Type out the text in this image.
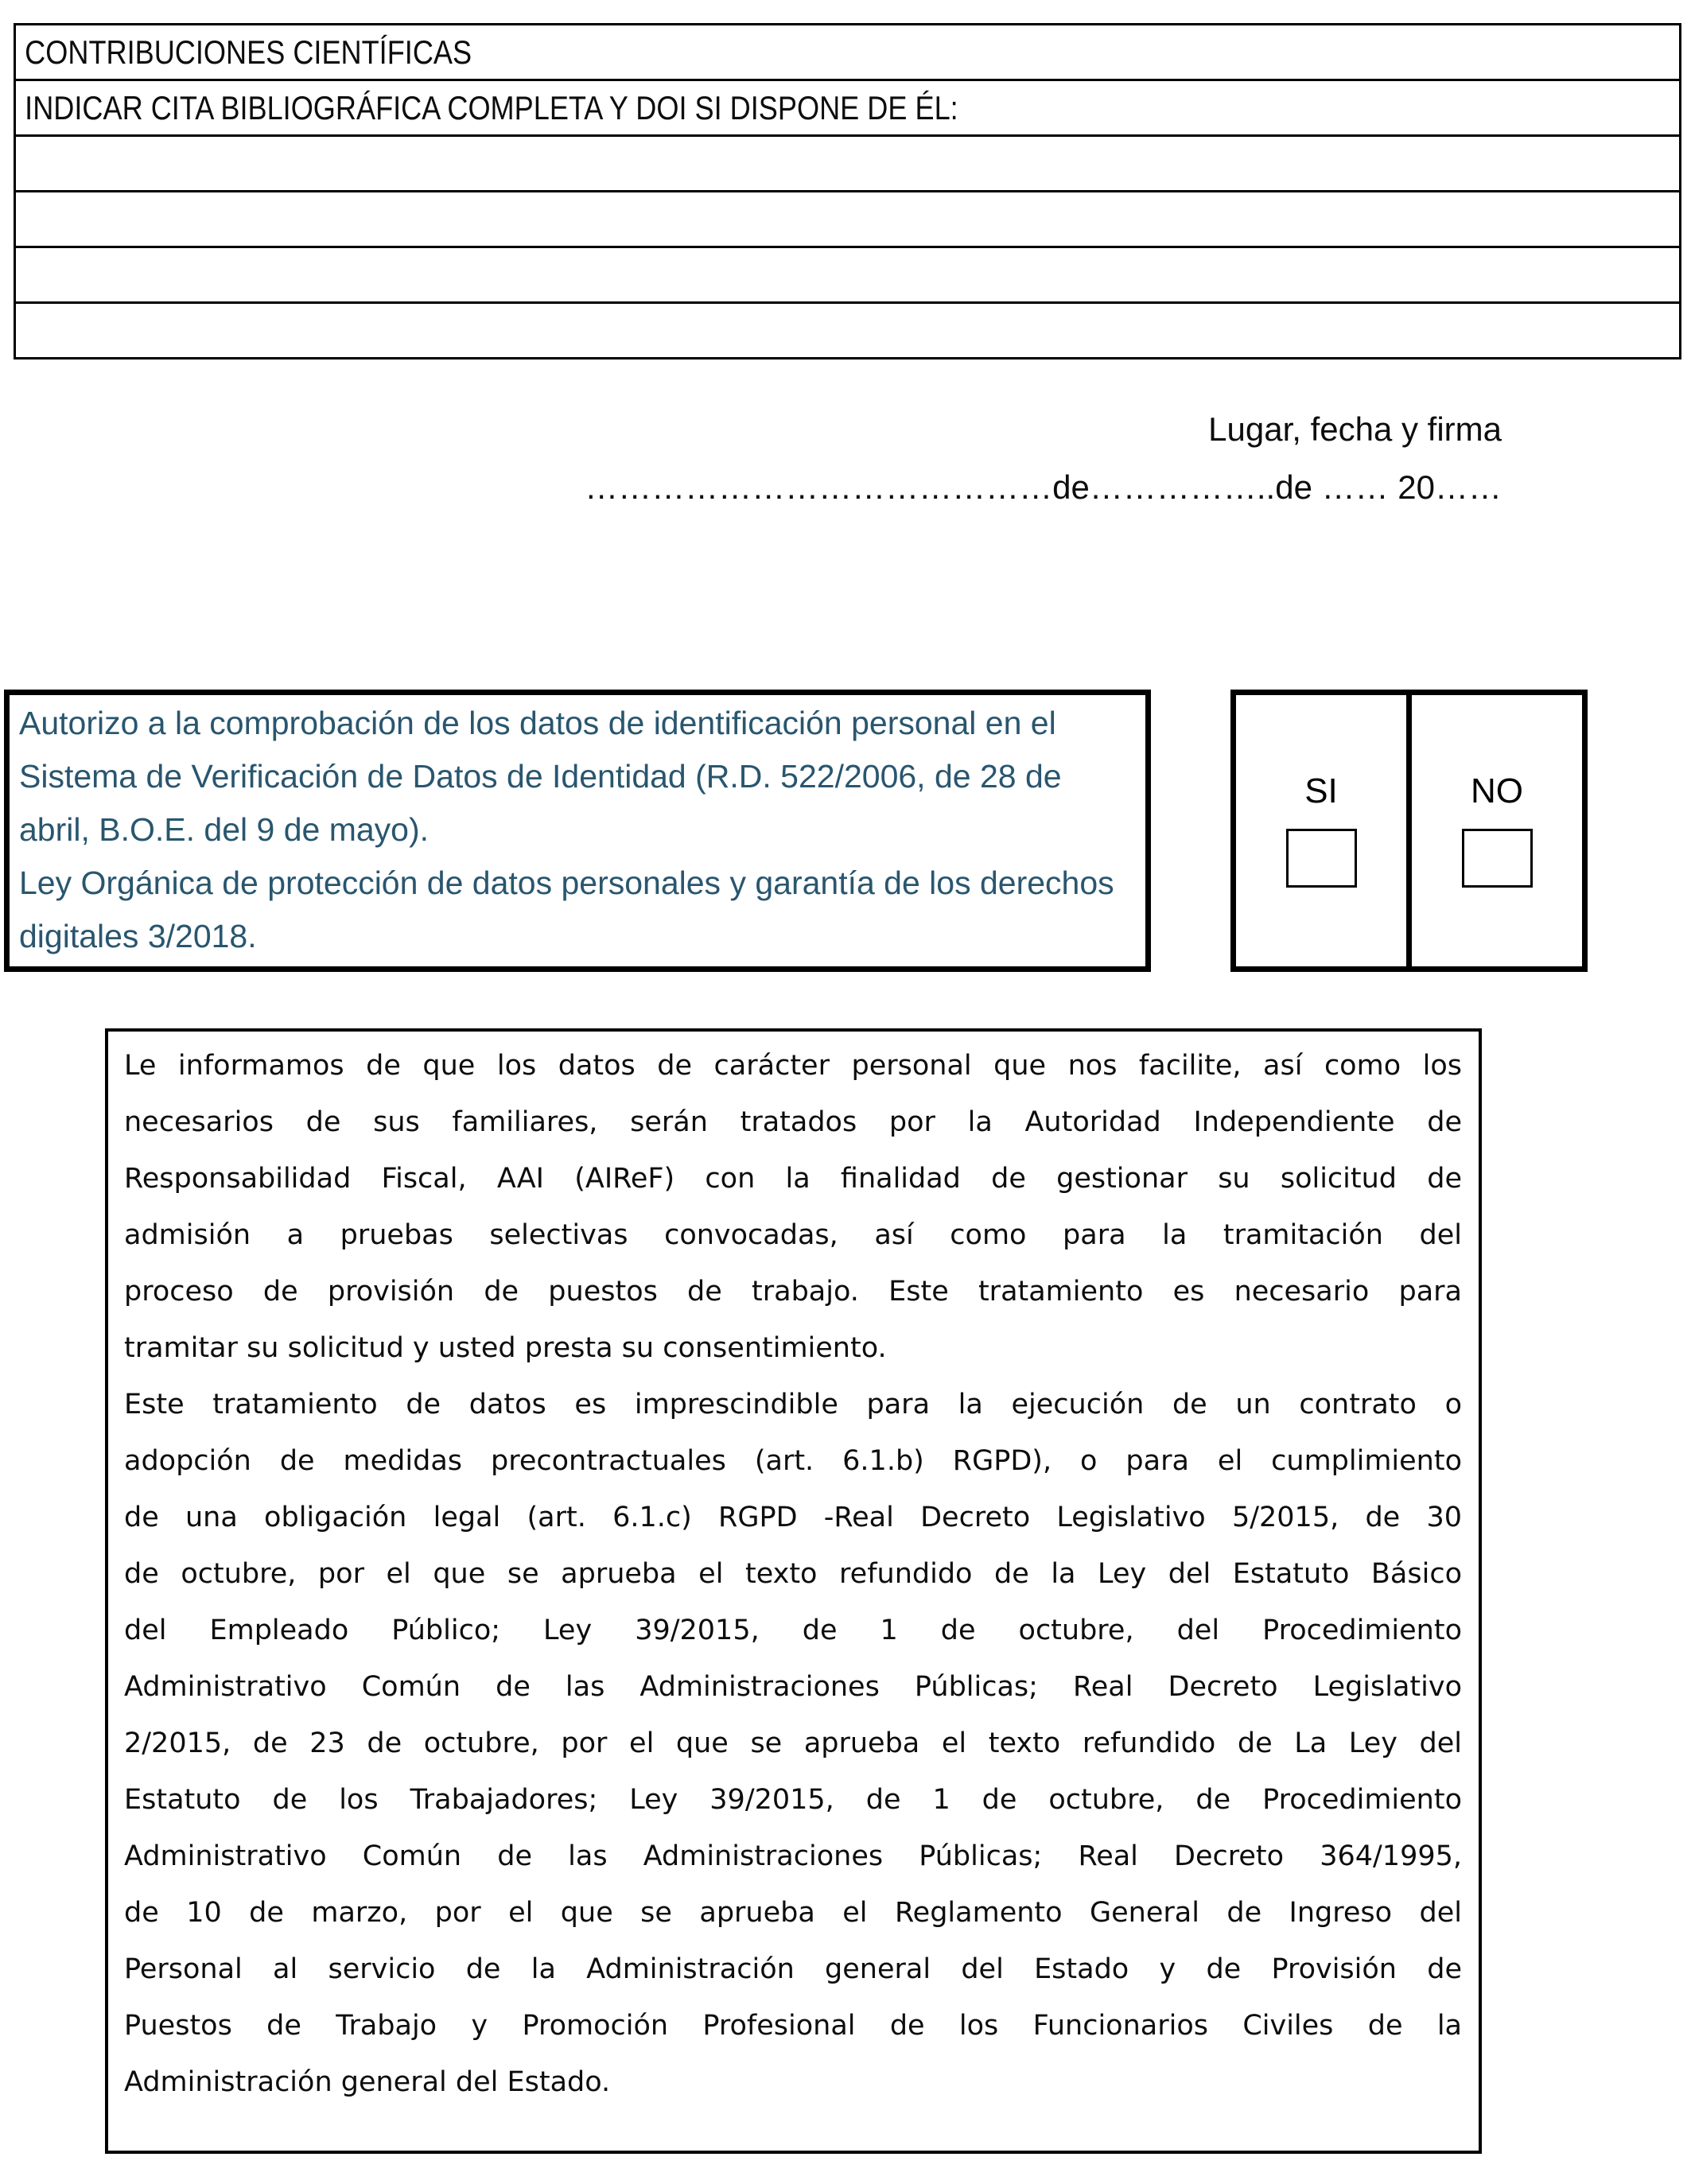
CONTRIBUCIONES CIENTÍFICAS
INDICAR CITA BIBLIOGRÁFICA COMPLETA Y DOI SI DISPONE DE ÉL:
Lugar, fecha y firma
……………………………………de……………..de …… 20……
Autorizo a la comprobación de los datos de identificación personal en el
Sistema de Verificación de Datos de Identidad (R.D. 522/2006, de 28 de
abril, B.O.E. del 9 de mayo).
Ley Orgánica de protección de datos personales y garantía de los derechos
digitales 3/2018.
SI	NO
Le informamos de que los datos de carácter personal que nos facilite, así como los
necesarios de sus familiares, serán tratados por la Autoridad Independiente de
Responsabilidad Fiscal, AAI (AIReF) con la finalidad de gestionar su solicitud de
admisión a pruebas selectivas convocadas, así como para la tramitación del
proceso de provisión de puestos de trabajo. Este tratamiento es necesario para
tramitar su solicitud y usted presta su consentimiento.
Este tratamiento de datos es imprescindible para la ejecución de un contrato o
adopción de medidas precontractuales (art. 6.1.b) RGPD), o para el cumplimiento
de una obligación legal (art. 6.1.c) RGPD -Real Decreto Legislativo 5/2015, de 30
de octubre, por el que se aprueba el texto refundido de la Ley del Estatuto Básico
del Empleado Público; Ley 39/2015, de 1 de octubre, del Procedimiento
Administrativo Común de las Administraciones Públicas; Real Decreto Legislativo
2/2015, de 23 de octubre, por el que se aprueba el texto refundido de La Ley del
Estatuto de los Trabajadores; Ley 39/2015, de 1 de octubre, de Procedimiento
Administrativo Común de las Administraciones Públicas; Real Decreto 364/1995,
de 10 de marzo, por el que se aprueba el Reglamento General de Ingreso del
Personal al servicio de la Administración general del Estado y de Provisión de
Puestos de Trabajo y Promoción Profesional de los Funcionarios Civiles de la
Administración general del Estado.
